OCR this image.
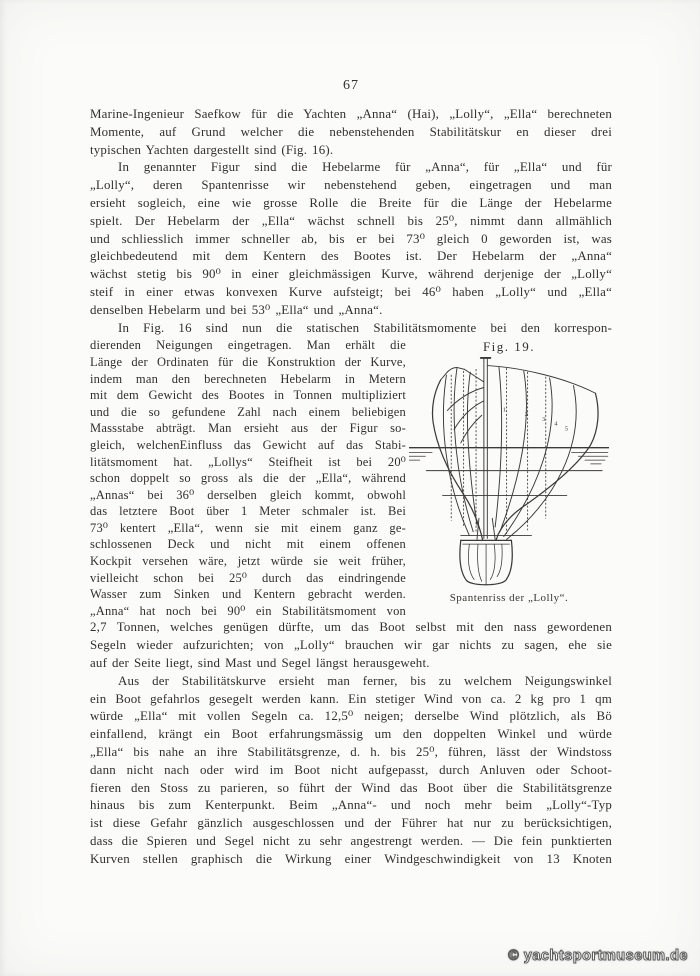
67
Marine-Ingenieur Saefkow für die Yachten „Anna“ (Hai), „Lolly“, „Ella“ berechneten
Momente, auf Grund welcher die nebenstehenden Stabilitätskur en dieser drei
typischen Yachten dargestellt sind (Fig. 16).
In genannter Figur sind die Hebelarme für „Anna“, für „Ella“ und für
„Lolly“, deren Spantenrisse wir nebenstehend geben, eingetragen und man
ersieht sogleich, eine wie grosse Rolle die Breite für die Länge der Hebelarme
spielt. Der Hebelarm der „Ella“ wächst schnell bis 25⁰, nimmt dann allmählich
und schliesslich immer schneller ab, bis er bei 73⁰ gleich 0 geworden ist, was
gleichbedeutend mit dem Kentern des Bootes ist. Der Hebelarm der „Anna“
wächst stetig bis 90⁰ in einer gleichmässigen Kurve, während derjenige der „Lolly“
steif in einer etwas konvexen Kurve aufsteigt; bei 46⁰ haben „Lolly“ und „Ella“
denselben Hebelarm und bei 53⁰ „Ella“ und „Anna“.
In Fig. 16 sind nun die statischen Stabilitätsmomente bei den korrespon-
dierenden Neigungen eingetragen. Man erhält die
Länge der Ordinaten für die Konstruktion der Kurve,
indem man den berechneten Hebelarm in Metern
mit dem Gewicht des Bootes in Tonnen multipliziert
und die so gefundene Zahl nach einem beliebigen
Massstabe abträgt. Man ersieht aus der Figur so-
gleich, welchenEinfluss das Gewicht auf das Stabi-
litätsmoment hat. „Lollys“ Steifheit ist bei 20⁰
schon doppelt so gross als die der „Ella“, während
„Annas“ bei 36⁰ derselben gleich kommt, obwohl
das letztere Boot über 1 Meter schmaler ist. Bei
73⁰ kentert „Ella“, wenn sie mit einem ganz ge-
schlossenen Deck und nicht mit einem offenen
Kockpit versehen wäre, jetzt würde sie weit früher,
vielleicht schon bei 25⁰ durch das eindringende
Wasser zum Sinken und Kentern gebracht werden.
„Anna“ hat noch bei 90⁰ ein Stabilitätsmoment von
Fig. 19.
1
2
3
4
5
Spantenriss der „Lolly“.
2,7 Tonnen, welches genügen dürfte, um das Boot selbst mit den nass gewordenen
Segeln wieder aufzurichten; von „Lolly“ brauchen wir gar nichts zu sagen, ehe sie
auf der Seite liegt, sind Mast und Segel längst herausgeweht.
Aus der Stabilitätskurve ersieht man ferner, bis zu welchem Neigungswinkel
ein Boot gefahrlos gesegelt werden kann. Ein stetiger Wind von ca. 2 kg pro 1 qm
würde „Ella“ mit vollen Segeln ca. 12,5⁰ neigen; derselbe Wind plötzlich, als Bö
einfallend, krängt ein Boot erfahrungsmässig um den doppelten Winkel und würde
„Ella“ bis nahe an ihre Stabilitätsgrenze, d. h. bis 25⁰, führen, lässt der Windstoss
dann nicht nach oder wird im Boot nicht aufgepasst, durch Anluven oder Schoot-
fieren den Stoss zu parieren, so führt der Wind das Boot über die Stabilitätsgrenze
hinaus bis zum Kenterpunkt. Beim „Anna“- und noch mehr beim „Lolly“-Typ
ist diese Gefahr gänzlich ausgeschlossen und der Führer hat nur zu berücksichtigen,
dass die Spieren und Segel nicht zu sehr angestrengt werden. — Die fein punktierten
Kurven stellen graphisch die Wirkung einer Windgeschwindigkeit von 13 Knoten
© yachtsportmuseum.de
